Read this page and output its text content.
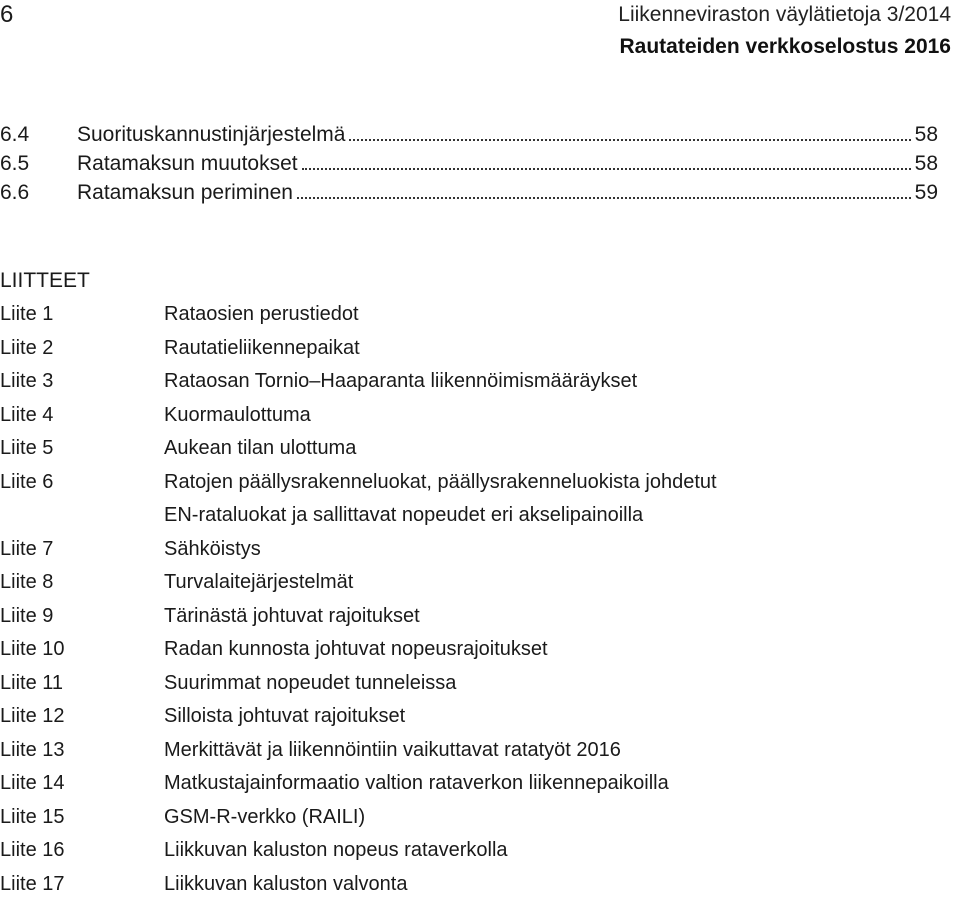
6	Liikenneviraston väylätietoja 3/2014
Rautateiden verkkoselostus 2016
6.4	Suorituskannustinjärjestelmä	58
6.5	Ratamaksun muutokset	58
6.6	Ratamaksun periminen	59
LIITTEET
Liite 1	Rataosien perustiedot
Liite 2	Rautatieliikennepaikat
Liite 3	Rataosan Tornio–Haaparanta liikennöimismääräykset
Liite 4	Kuormaulottuma
Liite 5	Aukean tilan ulottuma
Liite 6	Ratojen päällysrakenneluokat, päällysrakenneluokista johdetut
EN-rataluokat ja sallittavat nopeudet eri akselipainoilla
Liite 7	Sähköistys
Liite 8	Turvalaitejärjestelmät
Liite 9	Tärinästä johtuvat rajoitukset
Liite 10	Radan kunnosta johtuvat nopeusrajoitukset
Liite 11	Suurimmat nopeudet tunneleissa
Liite 12	Silloista johtuvat rajoitukset
Liite 13	Merkittävät ja liikennöintiin vaikuttavat ratatyöt 2016
Liite 14	Matkustajainformaatio valtion rataverkon liikennepaikoilla
Liite 15	GSM-R-verkko (RAILI)
Liite 16	Liikkuvan kaluston nopeus rataverkolla
Liite 17	Liikkuvan kaluston valvonta
